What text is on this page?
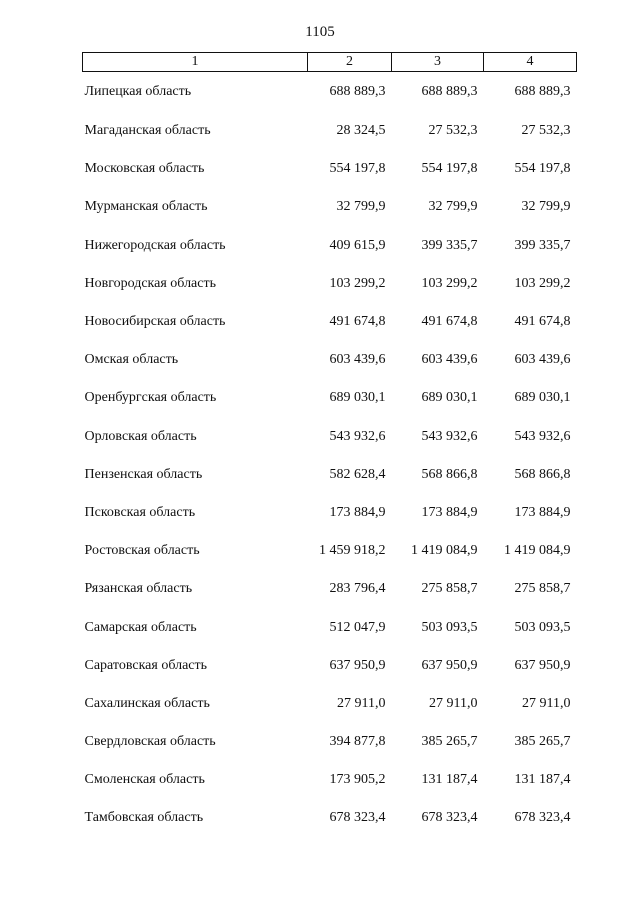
1105
1	2	3	4
Липецкая область	688 889,3	688 889,3	688 889,3
Магаданская область	28 324,5	27 532,3	27 532,3
Московская область	554 197,8	554 197,8	554 197,8
Мурманская область	32 799,9	32 799,9	32 799,9
Нижегородская область	409 615,9	399 335,7	399 335,7
Новгородская область	103 299,2	103 299,2	103 299,2
Новосибирская область	491 674,8	491 674,8	491 674,8
Омская область	603 439,6	603 439,6	603 439,6
Оренбургская область	689 030,1	689 030,1	689 030,1
Орловская область	543 932,6	543 932,6	543 932,6
Пензенская область	582 628,4	568 866,8	568 866,8
Псковская область	173 884,9	173 884,9	173 884,9
Ростовская область	1 459 918,2	1 419 084,9	1 419 084,9
Рязанская область	283 796,4	275 858,7	275 858,7
Самарская область	512 047,9	503 093,5	503 093,5
Саратовская область	637 950,9	637 950,9	637 950,9
Сахалинская область	27 911,0	27 911,0	27 911,0
Свердловская область	394 877,8	385 265,7	385 265,7
Смоленская область	173 905,2	131 187,4	131 187,4
Тамбовская область	678 323,4	678 323,4	678 323,4
